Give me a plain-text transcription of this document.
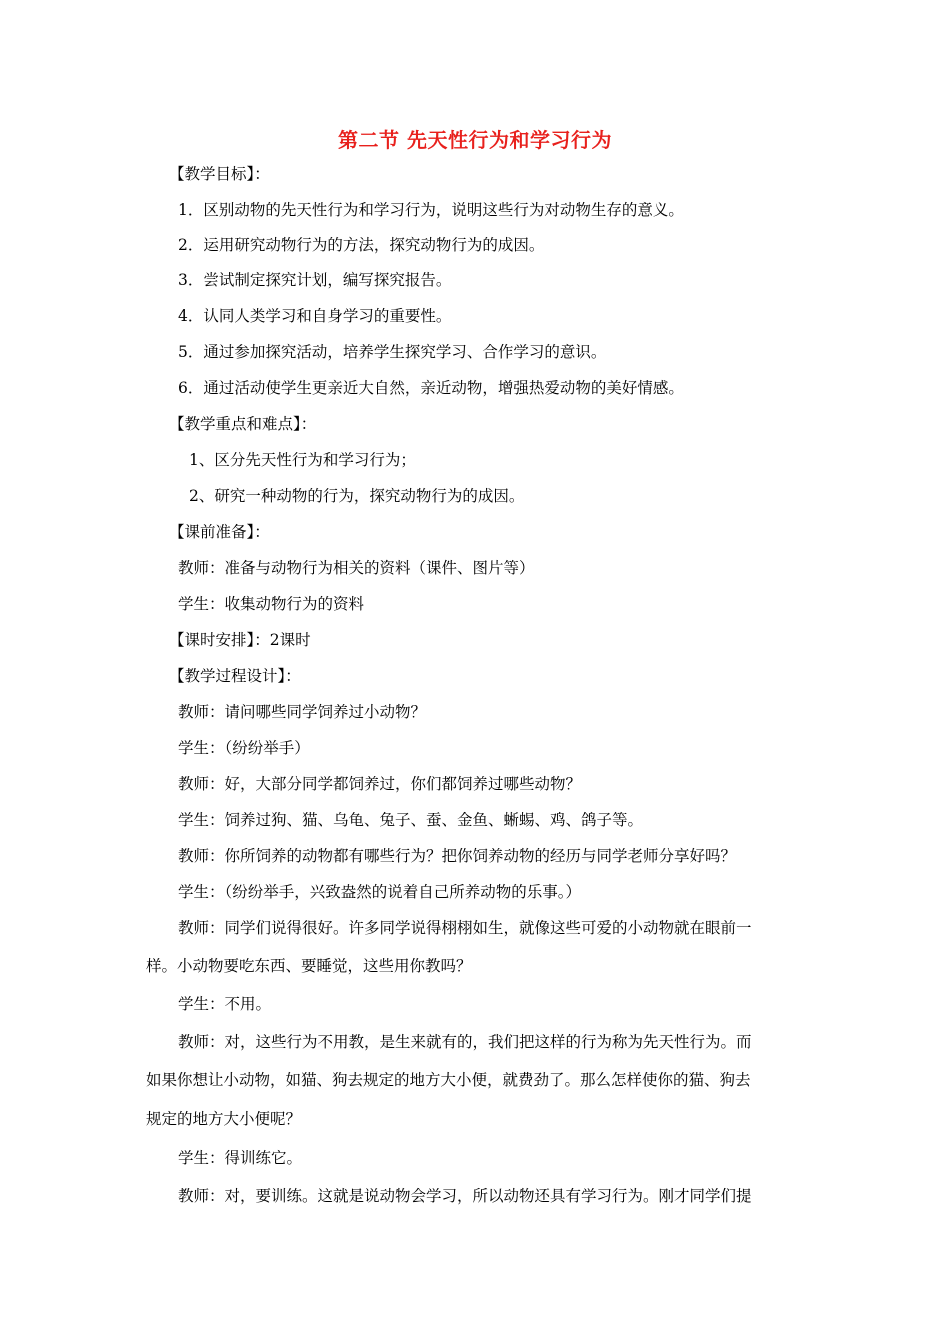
第二节 先天性行为和学习行为

【教学目标】：

1．区别动物的先天性行为和学习行为，说明这些行为对动物生存的意义。

2．运用研究动物行为的方法，探究动物行为的成因。

3．尝试制定探究计划，编写探究报告。

4．认同人类学习和自身学习的重要性。

5．通过参加探究活动，培养学生探究学习、合作学习的意识。

6．通过活动使学生更亲近大自然，亲近动物，增强热爱动物的美好情感。

【教学重点和难点】：

1、区分先天性行为和学习行为；

2、研究一种动物的行为，探究动物行为的成因。

【课前准备】：

教师：准备与动物行为相关的资料（课件、图片等）

学生：收集动物行为的资料

【课时安排】：2课时

【教学过程设计】：

教师：请问哪些同学饲养过小动物？

学生：（纷纷举手）

教师：好，大部分同学都饲养过，你们都饲养过哪些动物？

学生：饲养过狗、猫、乌龟、兔子、蚕、金鱼、蜥蜴、鸡、鸽子等。

教师：你所饲养的动物都有哪些行为？把你饲养动物的经历与同学老师分享好吗？

学生：（纷纷举手，兴致盎然的说着自己所养动物的乐事。）

教师：同学们说得很好。许多同学说得栩栩如生，就像这些可爱的小动物就在眼前一

样。小动物要吃东西、要睡觉，这些用你教吗？

学生：不用。

教师：对，这些行为不用教，是生来就有的，我们把这样的行为称为先天性行为。而

如果你想让小动物，如猫、狗去规定的地方大小便，就费劲了。那么怎样使你的猫、狗去

规定的地方大小便呢？

学生：得训练它。

教师：对，要训练。这就是说动物会学习，所以动物还具有学习行为。刚才同学们提
